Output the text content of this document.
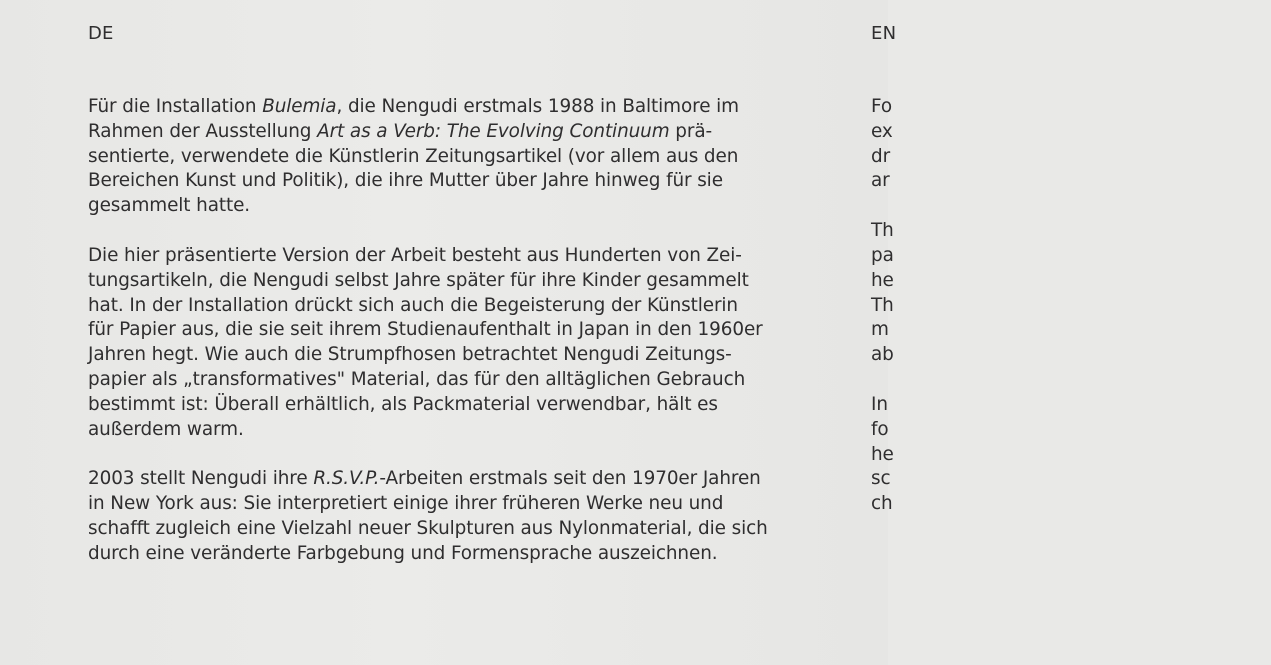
DE
Für die Installation Bulemia, die Nengudi erstmals 1988 in Baltimore im
Rahmen der Ausstellung Art as a Verb: The Evolving Continuum prä-
sentierte, verwendete die Künstlerin Zeitungsartikel (vor allem aus den
Bereichen Kunst und Politik), die ihre Mutter über Jahre hinweg für sie
gesammelt hatte.
Die hier präsentierte Version der Arbeit besteht aus Hunderten von Zei-
tungsartikeln, die Nengudi selbst Jahre später für ihre Kinder gesammelt
hat. In der Installation drückt sich auch die Begeisterung der Künstlerin
für Papier aus, die sie seit ihrem Studienaufenthalt in Japan in den 1960er
Jahren hegt. Wie auch die Strumpfhosen betrachtet Nengudi Zeitungs-
papier als „transformatives" Material, das für den alltäglichen Gebrauch
bestimmt ist: Überall erhältlich, als Packmaterial verwendbar, hält es
außerdem warm.
2003 stellt Nengudi ihre R.S.V.P.-Arbeiten erstmals seit den 1970er Jahren
in New York aus: Sie interpretiert einige ihrer früheren Werke neu und
schafft zugleich eine Vielzahl neuer Skulpturen aus Nylonmaterial, die sich
durch eine veränderte Farbgebung und Formensprache auszeichnen.
EN
Fo
ex
dr
ar
Th
pa
he
Th
m
ab
In
fo
he
sc
ch
